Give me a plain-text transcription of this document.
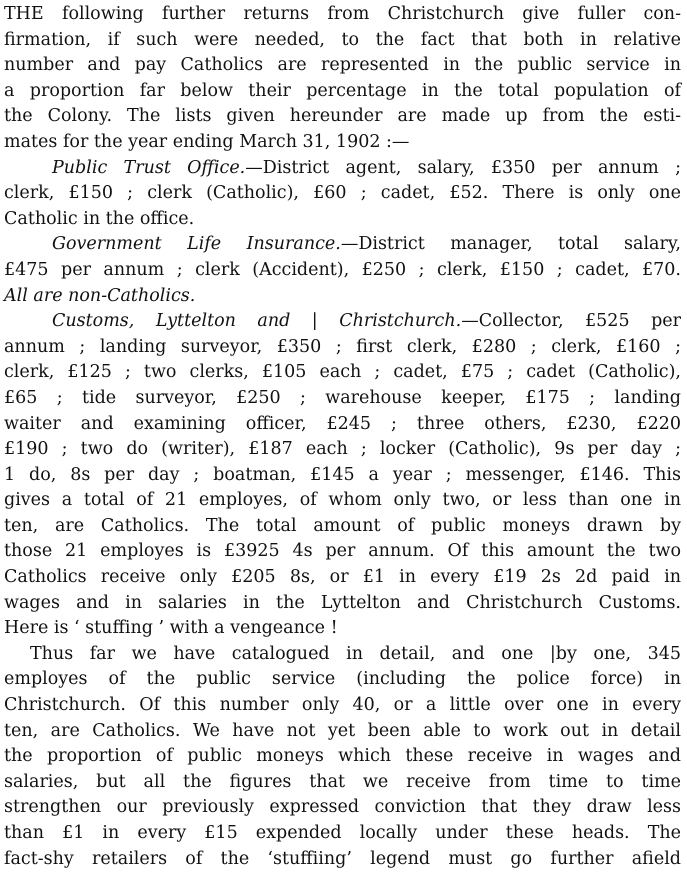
THE following further returns from Christchurch give fuller con-
firmation, if such were needed, to the fact that both in relative
number and pay Catholics are represented in the public service in
a proportion far below their percentage in the total population of
the Colony. The lists given hereunder are made up from the esti-
mates for the year ending March 31, 1902 :—
Public Trust Office.—District agent, salary, £350 per annum ;
clerk, £150 ; clerk (Catholic), £60 ; cadet, £52. There is only one
Catholic in the office.
Government Life Insurance.—District manager, total salary,
£475 per annum ; clerk (Accident), £250 ; clerk, £150 ; cadet, £70.
All are non-Catholics.
Customs, Lyttelton and | Christchurch.—Collector, £525 per
annum ; landing surveyor, £350 ; first clerk, £280 ; clerk, £160 ;
clerk, £125 ; two clerks, £105 each ; cadet, £75 ; cadet (Catholic),
£65 ; tide surveyor, £250 ; warehouse keeper, £175 ; landing
waiter and examining officer, £245 ; three others, £230, £220
£190 ; two do (writer), £187 each ; locker (Catholic), 9s per day ;
1 do, 8s per day ; boatman, £145 a year ; messenger, £146. This
gives a total of 21 employes, of whom only two, or less than one in
ten, are Catholics. The total amount of public moneys drawn by
those 21 employes is £3925 4s per annum. Of this amount the two
Catholics receive only £205 8s, or £1 in every £19 2s 2d paid in
wages and in salaries in the Lyttelton and Christchurch Customs.
Here is ‘ stuffing ’ with a vengeance !
Thus far we have catalogued in detail, and one |by one, 345
employes of the public service (including the police force) in
Christchurch. Of this number only 40, or a little over one in every
ten, are Catholics. We have not yet been able to work out in detail
the proportion of public moneys which these receive in wages and
salaries, but all the figures that we receive from time to time
strengthen our previously expressed conviction that they draw less
than £1 in every £15 expended locally under these heads. The
fact-shy retailers of the ‘stuffiing’ legend must go further afield
